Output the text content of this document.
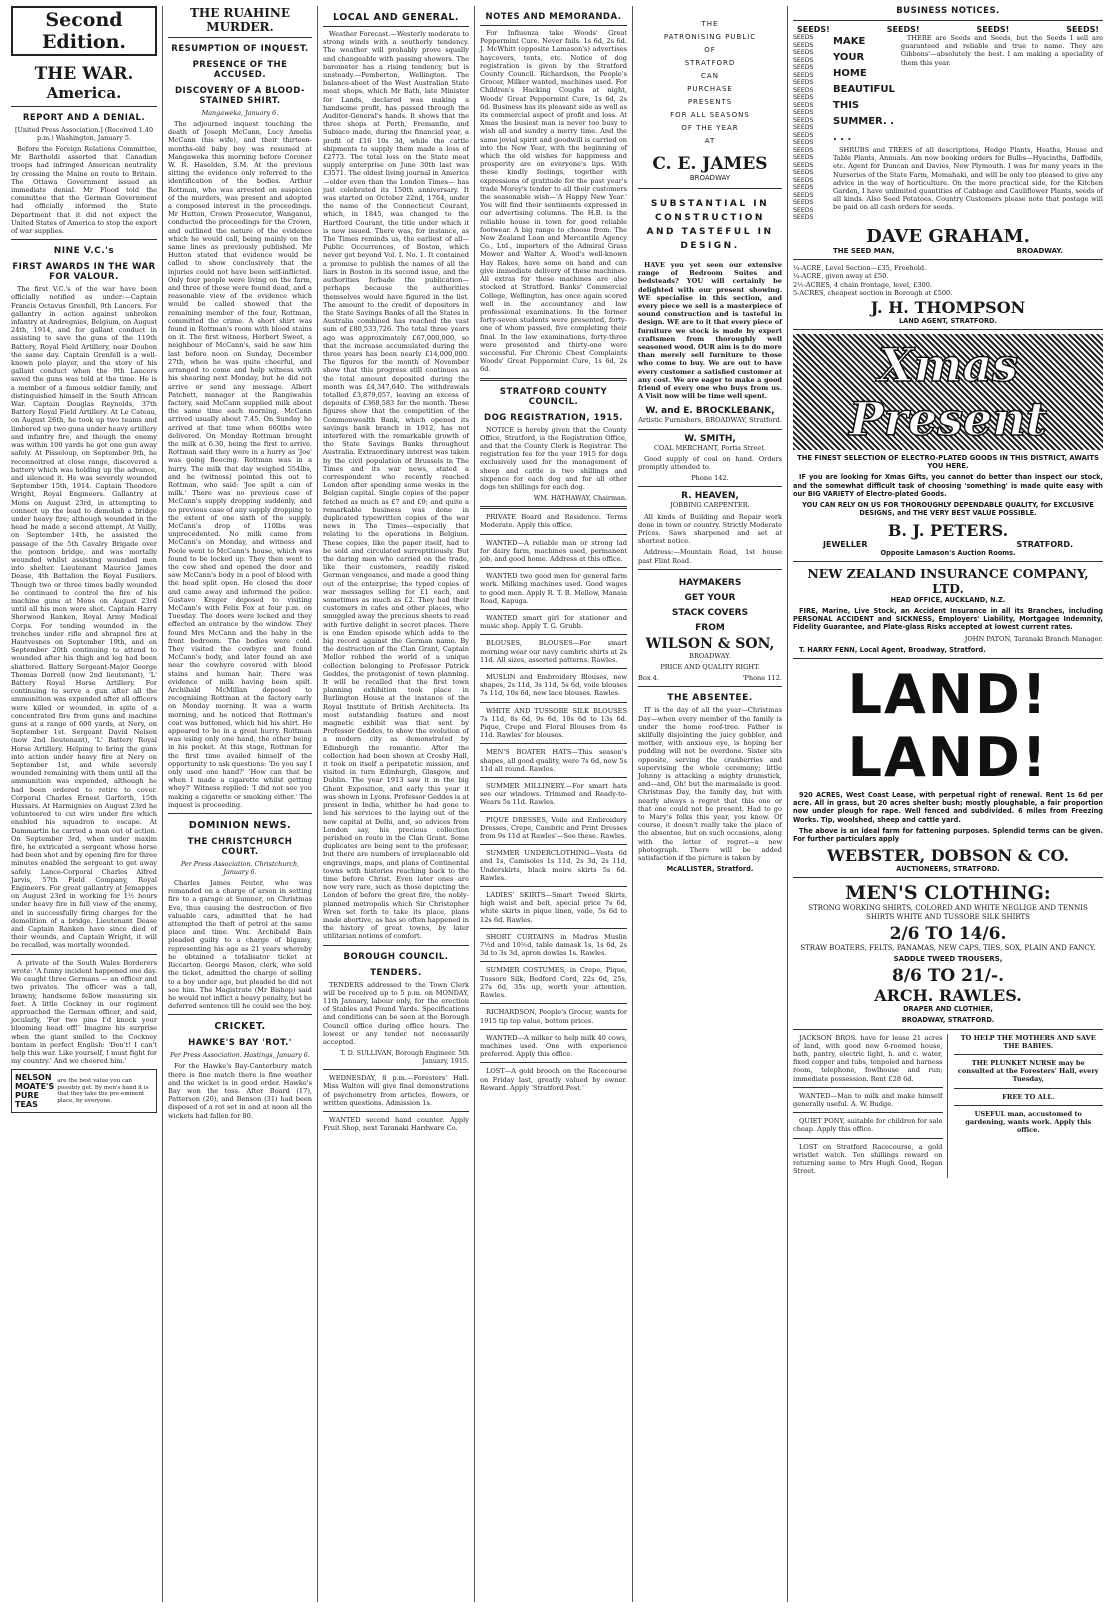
Second Edition.
THE WAR.
America.
REPORT AND A DENIAL.

[United Press Association.] (Received 1.40 p.m.) Washington, January 5.

Before the Foreign Relations Committee, Mr Bartholdi asserted that Canadian troops had infringed American neutrality by crossing the Maine en route to Britain. The Ottawa Government issued an immediate denial. Mr Flood told the committee that the German Government had officially informed the State Department that it did not expect the United States of America to stop the export of war supplies.

NINE V.C.'s
FIRST AWARDS IN THE WAR FOR VALOUR.

The first V.C.'s of the war have been officially notified as under:—Captain Francis Octavus Grenfell, 9th Lancers. For gallantry in action against unbroken infantry at Andregnies, Belgium, on August 24th, 1914, and for gallant conduct in assisting to save the guns of the 119th Battery, Royal Field Artillery, near Doubon the same day. Captain Grenfell is a well-known polo player, and the story of his gallant conduct when the 9th Lancers saved the guns was told at the time. He is a member of a famous soldier family, and distinguished himself in the South African War. Captain Douglas Reynolds, 37th Battery Royal Field Artillery. At Le Cateau, on August 26th, he took up two teams and limbered up two guns under heavy artillery and infantry fire, and though the enemy was within 100 yards he got one gun away safely. At Pisseloup, on September 9th, he reconnoitred at close range, discovered a battery which was holding up the advance, and silenced it. He was severely wounded September 15th, 1914. Captain Theodore Wright, Royal Engineers. Gallantry at Mons on August 23rd, in attempting to connect up the lead to demolish a bridge under heavy fire; although wounded in the head he made a second attempt. At Vailly, on September 14th, he assisted the passage of the 5th Cavalry Brigade over the pontoon bridge, and was mortally wounded whilst assisting wounded men into shelter. Lieutenant Maurice James Dease, 4th Battalion the Royal Fusiliers. Though two or three times badly wounded he continued to control the fire of his machine guns at Mons on August 23rd until all his men were shot. Captain Harry Sherwood Ranken, Royal Army Medical Corps. For tending wounded in the trenches under rifle and shrapnel fire at Hautvesnes on September 19th, and on September 20th continuing to attend to wounded after his thigh and leg had been shattered. Battery Sergeant-Major George Thomas Dorrell (now 2nd lieutenant), 'L' Battery Royal Horse Artillery. For continuing to serve a gun after all the ammunition was expended after all officers were killed or wounded, in spite of a concentrated fire from guns and machine guns at a range of 600 yards, at Nery, on September 1st. Sergeant David Nelson (now 2nd lieutenant), 'L' Battery Royal Horse Artillery. Helping to bring the guns into action under heavy fire at Nery on September 1st, and while severely wounded remaining with them until all the ammunition was expended, although he had been ordered to retire to cover. Corporal Charles Ernest Garforth, 15th Hussars. At Harmignies on August 23rd he volunteered to cut wire under fire which enabled his squadron to escape. At Dammartin he carried a man out of action. On September 3rd, when under maxim fire, he extricated a sergeant whose horse had been shot and by opening fire for three minutes enabled the sergeant to get away safely. Lance-Corporal Charles Alfred Jarvis, 57th Field Company, Royal Engineers. For great gallantry at Jemappes on August 23rd in working for 1½ hours under heavy fire in full view of the enemy, and in successfully firing charges for the demolition of a bridge. Lieutenant Dease and Captain Ranken have since died of their wounds, and Captain Wright, it will be recalled, was mortally wounded.

A private of the South Wales Borderers wrote: 'A funny incident happened one day. We caught three Germans — an officer and two privates. The officer was a tall, brawny, handsome fellow measuring six feet. A little Cockney in our regiment approached the German officer, and said, jocularly, 'For two pins I'd knock your blooming head off!' Imagine his surprise when the giant smiled to the Cockney bantam in perfect English: 'Don't! I can't help this war. Like yourself, I must fight for my country.' And we cheered him.'

NELSON MOATE'S PURE TEAS
are the best value you can possibly get. By men's hand it is that they take the pre-eminent place, by everyone.
THE RUAHINE MURDER.
RESUMPTION OF INQUEST.
PRESENCE OF THE ACCUSED.
DISCOVERY OF A BLOOD-STAINED SHIRT.

Mangaweka, January 6.

The adjourned inquest touching the death of Joseph McCann, Lucy Amelia McCann (his wife), and their thirteen-months-old baby boy was resumed at Mangaweka this morning before Coroner W. R. Haselden, S.M. At the previous sitting the evidence only referred to the identification of the bodies. Arthur Rottman, who was arrested on suspicion of the murders, was present and adopted a composed interest in the proceedings. Mr Hutton, Crown Prosecutor, Wanganui, conducted the proceedings for the Crown, and outlined the nature of the evidence which he would call, being mainly on the same lines as previously published. Mr Hutton stated that evidence would be called to show conclusively that the injuries could not have been self-inflicted. Only four people were living on the farm, and three of these were found dead, and a reasonable view of the evidence which would be called showed that the remaining member of the four, Rottman, committed the crime. A short shirt was found in Rottman's room with blood stains on it. The first witness, Herbert Sweet, a neighbour of McCann's, said he saw him last before noon on Sunday, December 27th, when he was quite cheerful, and arranged to come and help witness with his shearing next Monday, but he did not arrive or send any message. Albert Patchett, manager at the Rangiwahia factory, said McCann supplied milk about the same time each morning. McCann arrived usually about 7.45. On Sunday he arrived at that time when 660lbs were delivered. On Monday Rottman brought the milk at 6.30, being the first to arrive. Rottman said they were in a hurry as 'Joe' was going fleecing. Rottman was in a hurry. The milk that day weighed 554lbs, and he (witness) pointed this out to Rottman, who said: 'Joe spilt a can of milk.' There was no previous case of McCann's supply dropping suddenly, and no previous case of any supply dropping to the extent of one sixth of the supply. McCann's drop of 110lbs was unprecedented. No milk came from McCann's on Monday, and witness and Poole went to McCann's house, which was found to be locked up. They then went to the cow shed and opened the door and saw McCann's body in a pool of blood with the head split open. He closed the door and came away and informed the police. Gustavo Kreger deposed to visiting McCann's with Felix Fox at four p.m. on Tuesday. The doors were locked and they effected an entrance by the window. They found Mrs McCann and the baby in the front bedroom. The bodies were cold. They visited the cowbyre and found McCann's body, and later found an axe near the cowbyre covered with blood stains and human hair. There was evidence of milk having been spilt. Archibald McMillan deposed to recognising Rottman at the factory early on Monday morning. It was a warm morning, and he noticed that Rottman's coat was buttoned, which hid his shirt. He appeared to be in a great hurry. Rottman was using only one hand, the other being in his pocket. At this stage, Rottman for the first time availed himself of the opportunity to ask questions: 'Do you say I only used one hand?' 'How can that be when I made a cigarette whilst getting whey?' Witness replied: 'I did not see you making a cigarette or smoking either.' The inquest is proceeding.

DOMINION NEWS.
THE CHRISTCHURCH COURT.

Per Press Association. Christchurch, January 6.

Charles James Feuter, who was remanded on a charge of arson in setting fire to a garage at Sumner, on Christmas Eve, thus causing the destruction of five valuable cars, admitted that he had attempted the theft of petrol at the same place and time. Wm. Archibald Bain pleaded guilty to a charge of bigamy, representing his age as 21 years whereby he obtained a totalisator ticket at Riccarton. George Mason, clerk, who sold the ticket, admitted the charge of selling to a boy under age, but pleaded he did not see him. The Magistrate (Mr Bishop) said he would not inflict a heavy penalty, but he deferred sentence till he could see the boy.

CRICKET.
HAWKE'S BAY 'ROT.'

Per Press Association. Hastings, January 6.

For the Hawke's Bay-Canterbury match there is fine match there is fine weather and the wicket is in good order. Hawke's Bay won the toss. After Board (17), Patterson (20), and Benson (31) had been disposed of a rot set in and at noon all the wickets had fallen for 80.

LOCAL AND GENERAL.

Weather Forecast.—Westerly moderate to strong winds with a southerly tendency. The weather will probably prove squally and changeable with passing showers. The barometer has a rising tendency, but is unsteady.—Pemberton, Wellington. The balance-sheet of the West Australian State meat shops, which Mr Bath, late Minister for Lands, declared was making a handsome profit, has passed through the Auditor-General's hands. It shows that the three shops at Perth, Fremantle, and Subiaco made, during the financial year, a profit of £16 10s 3d, while the cattle shipments to supply them made a loss of £2773. The total loss on the State meat supply enterprise on June 30th last was £3571. The oldest living journal in America —older even than the London Times— has just celebrated its 150th anniversary. It was started on October 22nd, 1764, under the name of the Connecticut Courant, which, in 1845, was changed to the Hartford Courant, the title under which it is now issued. There was, for instance, as The Times reminds us, the earliest of all—Public Occurrences, of Boston, which never got beyond Vol. I. No. 1. It contained a promise to publish the names of all the liars in Boston in its second issue, and the authorities forbade the publication—perhaps because the authorities themselves would have figured in the list. The amount to the credit of depositors in the State Savings Banks of all the States in Australia combined has reached the vast sum of £80,533,726. The total three years ago was approximately £67,000,000, so that the increase accumulated during the three years has been nearly £14,000,000. The figures for the month of November show that this progress still continues as the total amount deposited during the month was £4,347,640. The withdrawals totalled £3,879,057, leaving an excess of deposits of £368,583 for the month. These figures show that the competition of the Commonwealth Bank, which opened its savings bank branch in 1912, has not interfered with the remarkable growth of the State Savings Banks throughout Australia. Extraordinary interest was taken by the civil population of Brussels in The Times and its war news, stated a correspondent who recently reached London after spending some weeks in the Belgian capital. Single copies of the paper fetched as much as £7 and £9; and quite a remarkable business was done in duplicated typewritten copies of the war news in The Times—especially that relating to the operations in Belgium. These copies, like the paper itself, had to be sold and circulated surreptitiously. But the daring men who carried on the trade, like their customers, readily risked German vengeance, and made a good thing out of the enterprise; the typed copies of war messages selling for £1 each, and sometimes as much as £2. They had their customers in cafes and other places, who smuggled away the precious sheets to read with furtive delight in secret places. There is one Emden episode which adds to the big record against the German name. By the destruction of the Clan Grant, Captain Mellor robbed the world of a unique collection belonging to Professor Patrick Geddes, the protagonist of town planning. It will be recalled that the first town planning exhibition took place in Burlington House at the instance of the Royal Institute of British Architects. Its most outstanding feature and most magnetic exhibit was that sent by Professor Geddes, to show the evolution of a modern city as demonstrated by Edinburgh the romantic. After the collection had been shown at Crosby Hall, it took on itself a peripatetic mission, and visited in turn Edinburgh, Glasgow, and Dublin. The year 1913 saw it in the big Ghent Exposition, and early this year it was shown in Lyons. Professor Geddes is at present in India, whither he had gone to lend his services to the laying out of the new capital at Delhi, and, so advices from London say, his precious collection perished en route in the Clan Grant. Some duplicates are being sent to the professor, but there are numbers of irreplaceable old engravings, maps, and plans of Continental towns with histories reaching back to the time before Christ. Even later ones are now very rare, such as those depicting the London of before the great fire, the nobly-planned metropolis which Sir Christopher Wren set forth to take its place, plans made abortive, as has so often happened in the history of great towns, by later utilitarian notions of comfort.

BOROUGH COUNCIL.
TENDERS.

TENDERS addressed to the Town Clerk will be received up to 5 p.m. on MONDAY, 11th January, labour only, for the erection of Stables and Pound Yards. Specifications and conditions can be seen at the Borough Council office during office hours. The lowest or any tender not necessarily accepted.

T. D. SULLIVAN, Borough Engineer. 5th January, 1915.

WEDNESDAY, 8 p.m.—Foresters' Hall. Miss Walton will give final demonstrations of psychometry from articles, flowers, or written questions. Admission 1s.

WANTED second hand counter. Apply Fruit Shop, next Taranaki Hardware Co.

NOTES AND MEMORANDA.

For Influenza take Woods' Great Peppermint Cure. Never fails. 1s 6d, 2s 6d. J. McWhitt (opposite Lamason's) advertises haycovers, tents, etc. Notice of dog registration is given by the Stratford County Council. Richardson, the People's Grocer, Milker wanted, machines used. For Children's Hacking Coughs at night, Woods' Great Peppermint Cure, 1s 6d, 2s 6d. Business has its pleasant side as well as its commercial aspect of profit and loss. At Xmas the busiest man is never too busy to wish all and sundry a merry time. And the same jovial spirit and goodwill is carried on into the New Year, with the beginning of which the old wishes for happiness and prosperity are on everyone's lips. With these kindly feelings, together with expressions of gratitude for the past year's trade Morey's tender to all their customers the seasonable wish—'A Happy New Year.' You will find their sentiments expressed in our advertising columns. The H.B. is the reliable house in town for good reliable footwear. A big range to choose from. The New Zealand Loan and Mercantile Agency Co., Ltd., importers of the Admiral Grass Mower and Walter A. Wood's well-known Hay Rakes, have some on hand and can give immediate delivery of these machines. All extras for these machines are also stocked at Stratford. Banks' Commercial College, Wellington, has once again scored well in the accountancy and law professional examinations. In the former forty-seven students were presented, forty-one of whom passed, five completing their final. In the law examinations, forty-three were presented and thirty-one were successful. For Chronic Chest Complaints Woods' Great Peppermint Cure, 1s 6d, 2s 6d.

STRATFORD COUNTY COUNCIL.
DOG REGISTRATION, 1915.

NOTICE is hereby given that the County Office, Stratford, is the Registration Office, and that the County Clerk is Registrar. The registration fee for the year 1915 for dogs exclusively used for the management of sheep and cattle is two shillings and sixpence for each dog and for all other dogs ten shillings for each dog.

WM. HATHAWAY, Chairman.

PRIVATE Board and Residence. Terms Moderate. Apply this office.

WANTED—A reliable man or strong lad for dairy farm, machines used, permanent job, and good home. Address at this office.

WANTED two good men for general farm work. Milking machines used. Good wages to good men. Apply R. T. B. Mellow, Manaia Road, Kapuga.

WANTED smart girl for stationer and music shop. Apply T. G. Grubb.

BLOUSES, BLOUSES—For smart morning wear our navy cambric shirts at 2s 11d. All sizes, assorted patterns. Rawles.

MUSLIN and Embroidery Blouses, new shapes, 2s 11d, 3s 11d, 5s 6d, voile blouses 7s 11d, 10s 6d, new lace blouses. Rawles.

WHITE AND TUSSORE SILK BLOUSES 7s 11d, 8s 6d, 9s 6d, 10s 6d to 13s 6d. Pique, Crepe and Floral Blouses from 4s 11d. Rawles' for blouses.

MEN'S BOATER HATS—This season's shapes, all good quality, were 7s 6d, now 5s 11d all round. Rawles.

SUMMER MILLINERY.—For smart hats see our windows. Trimmed and Ready-to-Wears 5s 11d. Rawles.

PIQUE DRESSES, Voile and Embroidery Dresses, Crepe, Cambric and Print Dresses from 9s 11d at Rawles'—See these. Rawles.

SUMMER UNDERCLOTHING—Vests 6d and 1s, Camisoles 1s 11d, 2s 3d, 2s 11d, Underskirts, black moire skirts 5s 6d. Rawles.

LADIES' SKIRTS—Smart Tweed Skirts, high waist and belt, special price 7s 6d, white skirts in pique linen, voile, 5s 6d to 12s 6d. Rawles.

SHORT CURTAINS in Madras Muslin 7½d and 10½d, table damask 1s, 1s 6d, 2s 3d to 3s 3d, apron dowlas 1s. Rawles.

SUMMER COSTUMES, in Crepe, Pique, Tussore Silk, Bedford Cord, 22s 6d, 25s, 27s 6d, 35s up, worth your attention. Rawles.

RICHARDSON, People's Grocer, wants for 1915 tip top value, bottom prices.

WANTED—A milker to help milk 40 cows, machines used. One with experience preferred. Apply this office.

LOST—A gold brooch on the Racecourse on Friday last, greatly valued by owner. Reward. Apply 'Stratford Post.'

THE
PATRONISING PUBLIC
OF
STRATFORD
CAN
PURCHASE
PRESENTS
FOR ALL SEASONS
OF THE YEAR
AT
C. E. JAMES
BROADWAY
SUBSTANTIAL IN CONSTRUCTION AND TASTEFUL IN DESIGN.

HAVE you yet seen our extensive range of Bedroom Suites and bedsteads? YOU will certainly be delighted with our present showing. WE specialise in this section, and every piece we sell is a masterpiece of sound construction and is tasteful in design. WE are to it that every piece of furniture we stock is made by expert craftsmen from thoroughly well seasoned wood. OUR aim is to do more than merely sell furniture to those who come to buy. We are out to have every customer a satisfied customer at any cost. We are eager to make a good friend of every one who buys from us. A Visit now will be time well spent.

W. and E. BROCKLEBANK,

Artistic Furnishers, BROADWAY, Stratford.

W. SMITH,

COAL MERCHANT, Portia Street.

Good supply of coal on hand. Orders promptly attended to.

Phone 142.

R. HEAVEN,

JOBBING CARPENTER.

All kinds of Building and Repair work done in town or country. Strictly Moderate Prices. Saws sharpened and set at shortest notice.

Address:—Mountain Road, 1st house past Flint Road.

HAYMAKERS
GET YOUR
STACK COVERS
FROM
WILSON & SON,

BROADWAY.

PRICE AND QUALITY RIGHT.

Box 4.	'Phone 112.
THE ABSENTEE.

IT is the day of all the year—Christmas Day—when every member of the family is under the home roof-tree. Father is skilfully disjointing the juicy gobbler, and mother, with anxious eye, is hoping her pudding will not be overdone. Sister sits opposite, serving the cranberries and supervising the whole ceremony; little Johnny is attacking a mighty drumstick, and—and, Oh! but the marmalade is good. Christmas Day, the family day, but with nearly always a regret that this one or that one could not be present. Had to go to Mary's folks this year, you know. Of course, it doesn't really take the place of the absentee, but on such occasions, along with the letter of regret—a new photograph. There will be added satisfaction if the picture is taken by

McALLISTER, Stratford.

BUSINESS NOTICES.
SEEDS!	SEEDS!	SEEDS!	SEEDS!
SEEDS
SEEDS
SEEDS
SEEDS
SEEDS
SEEDS
SEEDS
SEEDS
SEEDS
SEEDS
SEEDS
SEEDS
SEEDS
SEEDS
SEEDS
SEEDS
SEEDS
SEEDS
SEEDS
SEEDS
SEEDS
SEEDS
SEEDS
SEEDS
SEEDS
MAKE YOUR HOME
BEAUTIFUL THIS
SUMMER. . . . .

THERE are Seeds and Seeds, but the Seeds I sell are guaranteed and reliable and true to name. They are Gibbons'—absolutely the best. I am making a speciality of them this year.

SHRUBS and TREES of all descriptions, Hedge Plants, Heaths, House and Table Plants, Annuals. Am now booking orders for Bulbs—Hyacinths, Daffodils, etc. Agent for Duncan and Davies, New Plymouth. I was for many years in the Nurseries of the State Farm, Momahaki, and will be only too pleased to give any advice in the way of horticulture. On the more practical side, for the Kitchen Garden, I have unlimited quantities of Cabbage and Cauliflower Plants, seeds of all kinds. Also Seed Potatoes. Country Customers please note that postage will be paid on all cash orders for seeds.

DAVE GRAHAM.
THE SEED MAN,	BROADWAY.
¼-ACRE, Level Section—£35, Freehold.
¼-ACRE, given away at £50.
2½-ACRES, 4 chain frontage, level, £300.
5-ACRES, cheapest section in Borough at £500.
J. H. THOMPSON

LAND AGENT, STRATFORD.

Xmas Present

THE FINEST SELECTION OF ELECTRO-PLATED GOODS IN THIS DISTRICT, AWAITS YOU HERE.

IF you are looking for Xmas Gifts, you cannot do better than inspect our stock, and the somewhat difficult task of choosing 'something' is made quite easy with our BIG VARIETY of Electro-plated Goods.

YOU CAN RELY ON US FOR THOROUGHLY DEPENDABLE QUALITY, for EXCLUSIVE DESIGNS, and THE VERY BEST VALUE POSSIBLE.

B. J. PETERS.
JEWELLER	STRATFORD.

Opposite Lamason's Auction Rooms.

NEW ZEALAND INSURANCE COMPANY, LTD.

HEAD OFFICE, AUCKLAND, N.Z.

FIRE, Marine, Live Stock, an Accident Insurance in all its Branches, including PERSONAL ACCIDENT and SICKNESS, Employers' Liability, Mortgagee Indemnity, Fidelity Guarantee, and Plate-glass Risks accepted at lowest current rates.

JOHN PATON, Taranaki Branch Manager.

T. HARRY FENN, Local Agent, Broadway, Stratford.

LAND! LAND!

920 ACRES, West Coast Lease, with perpetual right of renewal. Rent 1s 6d per acre. All in grass, but 20 acres shelter bush; mostly ploughable, a fair proportion now under plough for rape. Well fenced and subdivided. 6 miles from Freezing Works. Tip, woolshed, sheep and cattle yard.

The above is an ideal farm for fattening purposes. Splendid terms can be given. For further particulars apply

WEBSTER, DOBSON & CO.

AUCTIONEERS, STRATFORD.

MEN'S CLOTHING:

STRONG WORKING SHIRTS, COLORED AND WHITE NEGLIGE AND TENNIS SHIRTS WHITE AND TUSSORE SILK SHIRTS

2/6 TO 14/6.

STRAW BOATERS, FELTS, PANAMAS, NEW CAPS, TIES, SOX, PLAIN AND FANCY.

SADDLE TWEED TROUSERS,

8/6 TO 21/-.
ARCH. RAWLES.

DRAPER AND CLOTHIER,

BROADWAY, STRATFORD.

JACKSON BROS. have for lease 21 acres of land, with good new 6-roomed house, bath, pantry, electric light, h. and c. water, fixed copper and tubs, tenpoled and harness room, telephone, fowlhouse and run; immediate possession. Rent £28 6d.

WANTED—Man to milk and make himself generally useful. A. W. Budge.

QUIET PONY, suitable for children for sale cheap. Apply this office.

LOST on Stratford Racecourse, a gold wristlet watch. Ten shillings reward on returning same to Mrs Hugh Good, Regan Street.

TO HELP THE MOTHERS AND SAVE THE BABIES.

THE PLUNKET NURSE may be consulted at the Foresters' Hall, every Tuesday,

FREE TO ALL.

USEFUL man, accustomed to gardening, wants work. Apply this office.
